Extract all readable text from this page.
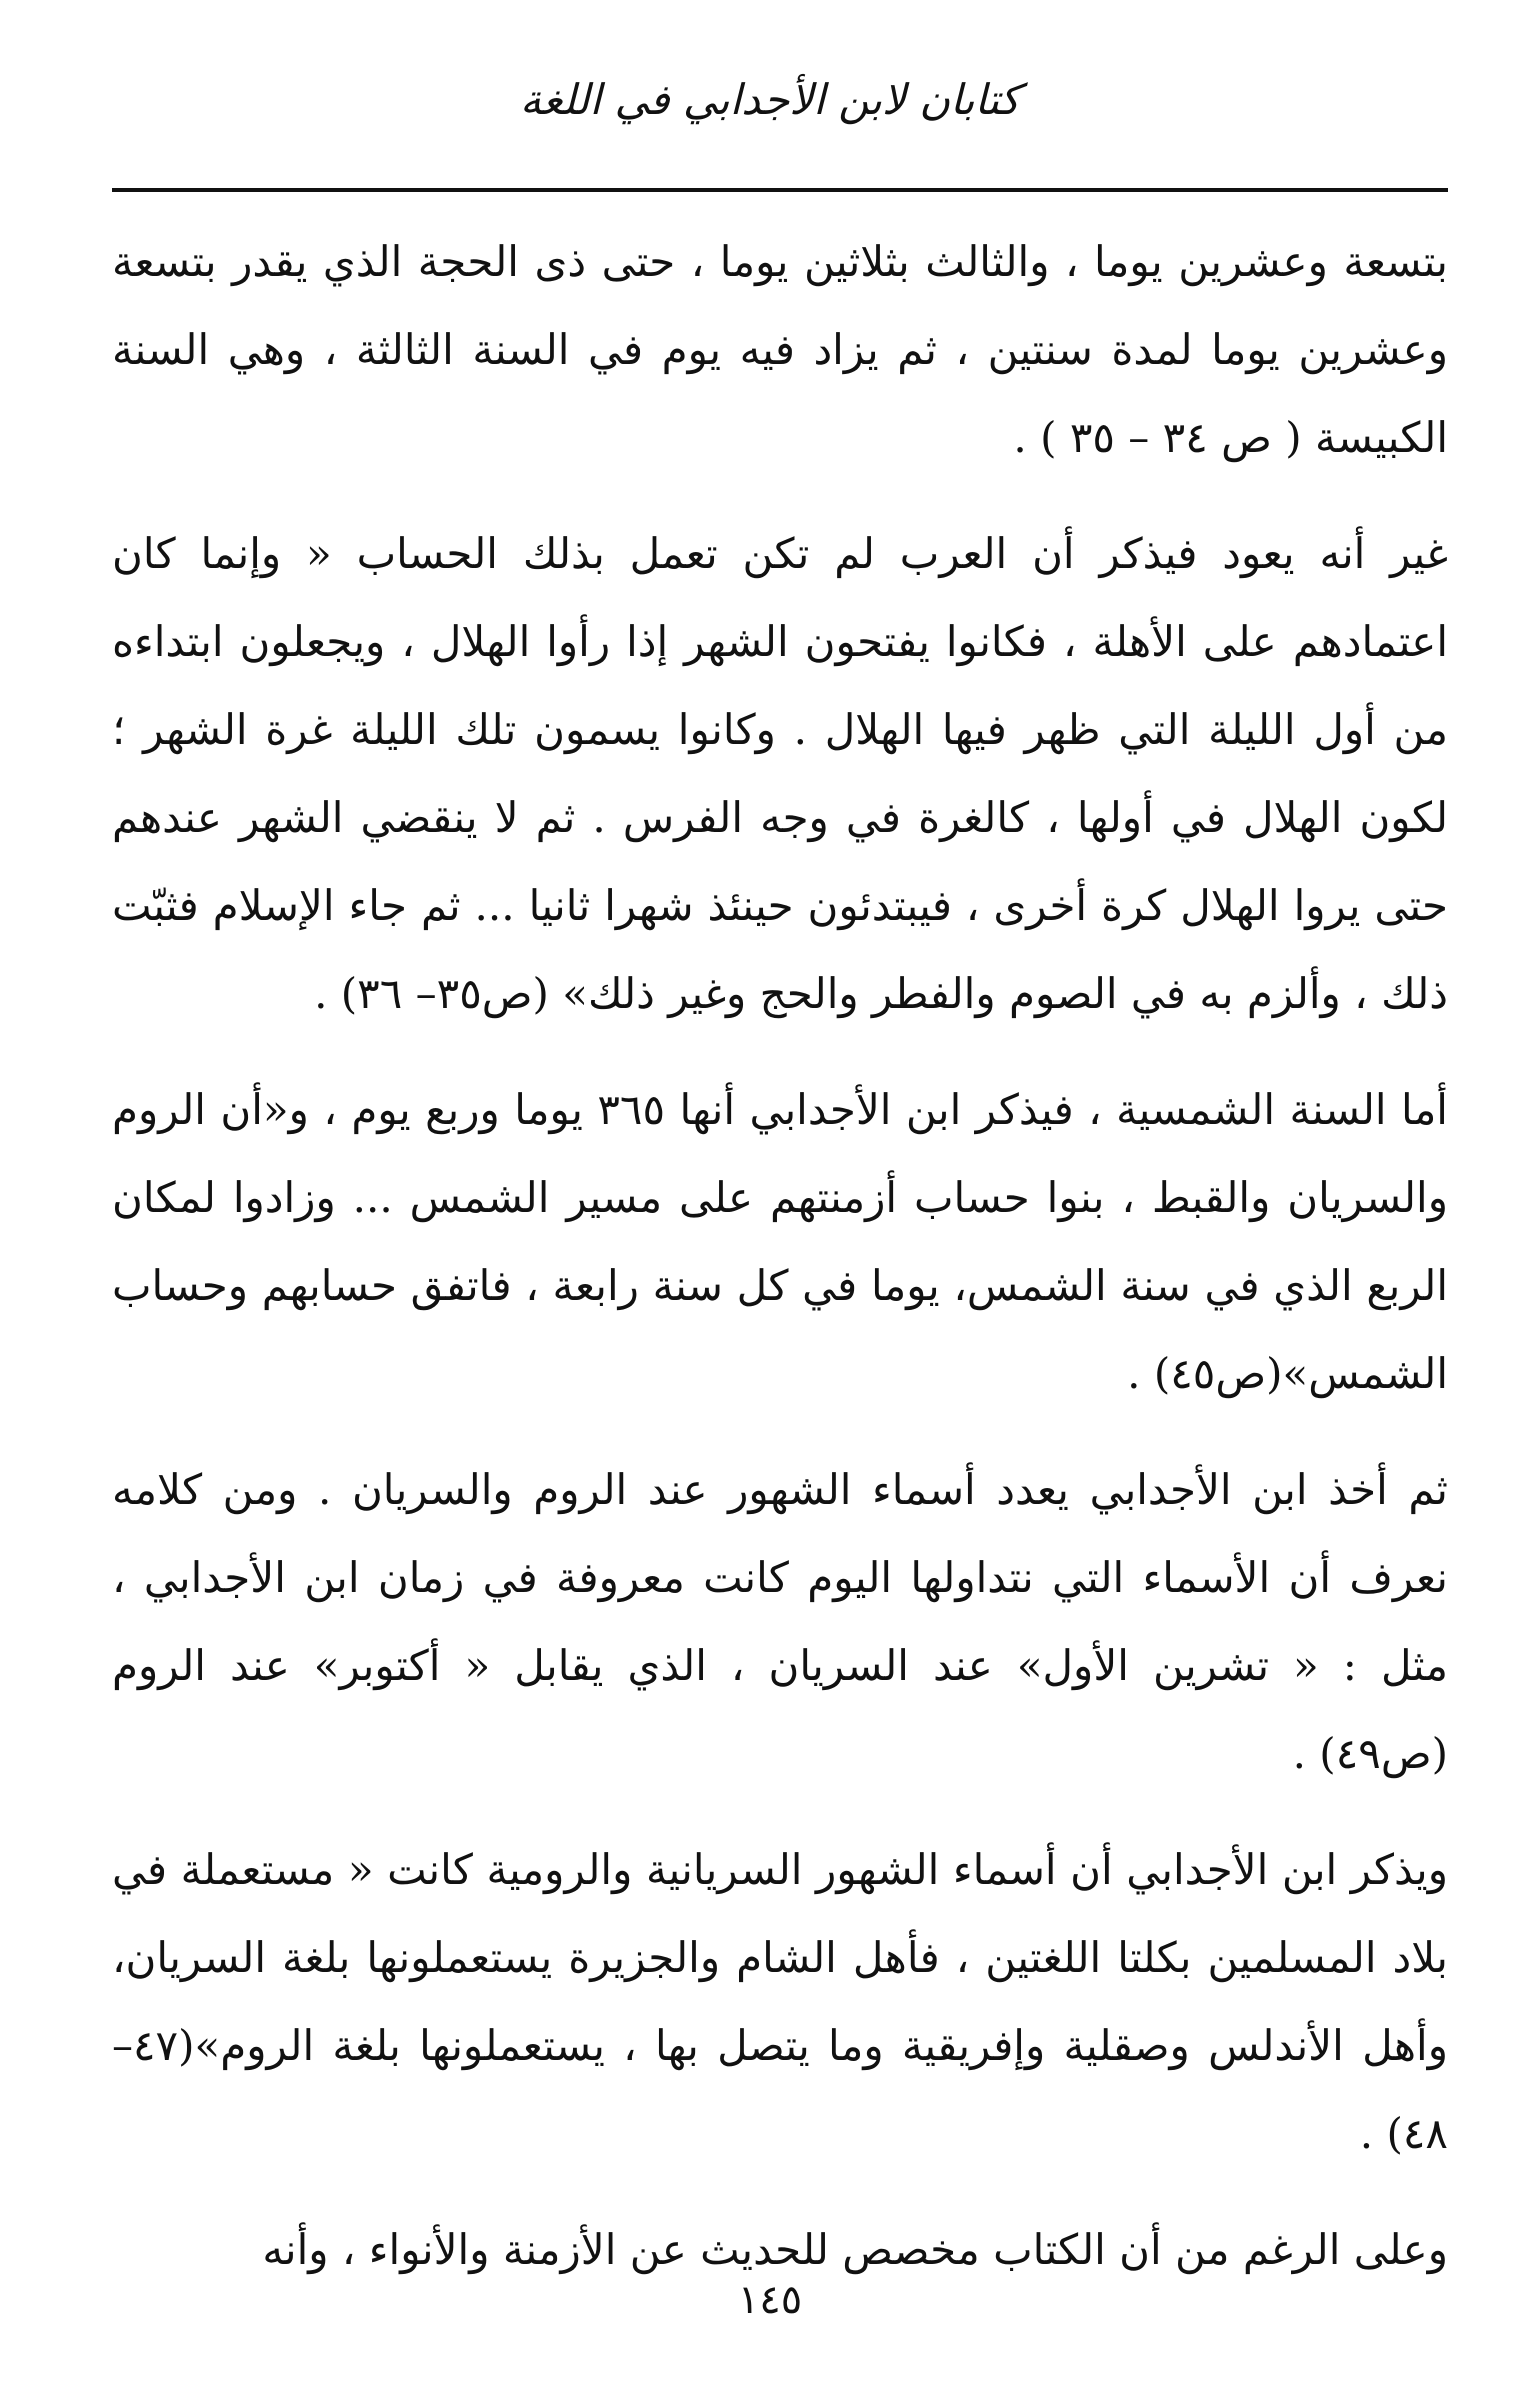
كتابان لابن الأجدابي في اللغة

بتسعة وعشرين يوما ، والثالث بثلاثين يوما ، حتى ذى الحجة الذي يقدر بتسعة وعشرين يوما لمدة سنتين ، ثم يزاد فيه يوم في السنة الثالثة ، وهي السنة الكبيسة ( ص ٣٤ – ٣٥ ) .

غير أنه يعود فيذكر أن العرب لم تكن تعمل بذلك الحساب « وإنما كان اعتمادهم على الأهلة ، فكانوا يفتحون الشهر إذا رأوا الهلال ، ويجعلون ابتداءه من أول الليلة التي ظهر فيها الهلال . وكانوا يسمون تلك الليلة غرة الشهر ؛ لكون الهلال في أولها ، كالغرة في وجه الفرس . ثم لا ينقضي الشهر عندهم حتى يروا الهلال كرة أخرى ، فيبتدئون حينئذ شهرا ثانيا ... ثم جاء الإسلام فثبّت ذلك ، وألزم به في الصوم والفطر والحج وغير ذلك» (ص٣٥– ٣٦) .

أما السنة الشمسية ، فيذكر ابن الأجدابي أنها ٣٦٥ يوما وربع يوم ، و«أن الروم والسريان والقبط ، بنوا حساب أزمنتهم على مسير الشمس ... وزادوا لمكان الربع الذي في سنة الشمس، يوما في كل سنة رابعة ، فاتفق حسابهم وحساب الشمس»(ص٤٥) .

ثم أخذ ابن الأجدابي يعدد أسماء الشهور عند الروم والسريان . ومن كلامه نعرف أن الأسماء التي نتداولها اليوم كانت معروفة في زمان ابن الأجدابي ، مثل : « تشرين الأول» عند السريان ، الذي يقابل « أكتوبر» عند الروم (ص٤٩) .

ويذكر ابن الأجدابي أن أسماء الشهور السريانية والرومية كانت « مستعملة في بلاد المسلمين بكلتا اللغتين ، فأهل الشام والجزيرة يستعملونها بلغة السريان، وأهل الأندلس وصقلية وإفريقية وما يتصل بها ، يستعملونها بلغة الروم»(٤٧– ٤٨) .

وعلى الرغم من أن الكتاب مخصص للحديث عن الأزمنة والأنواء ، وأنه

١٤٥
